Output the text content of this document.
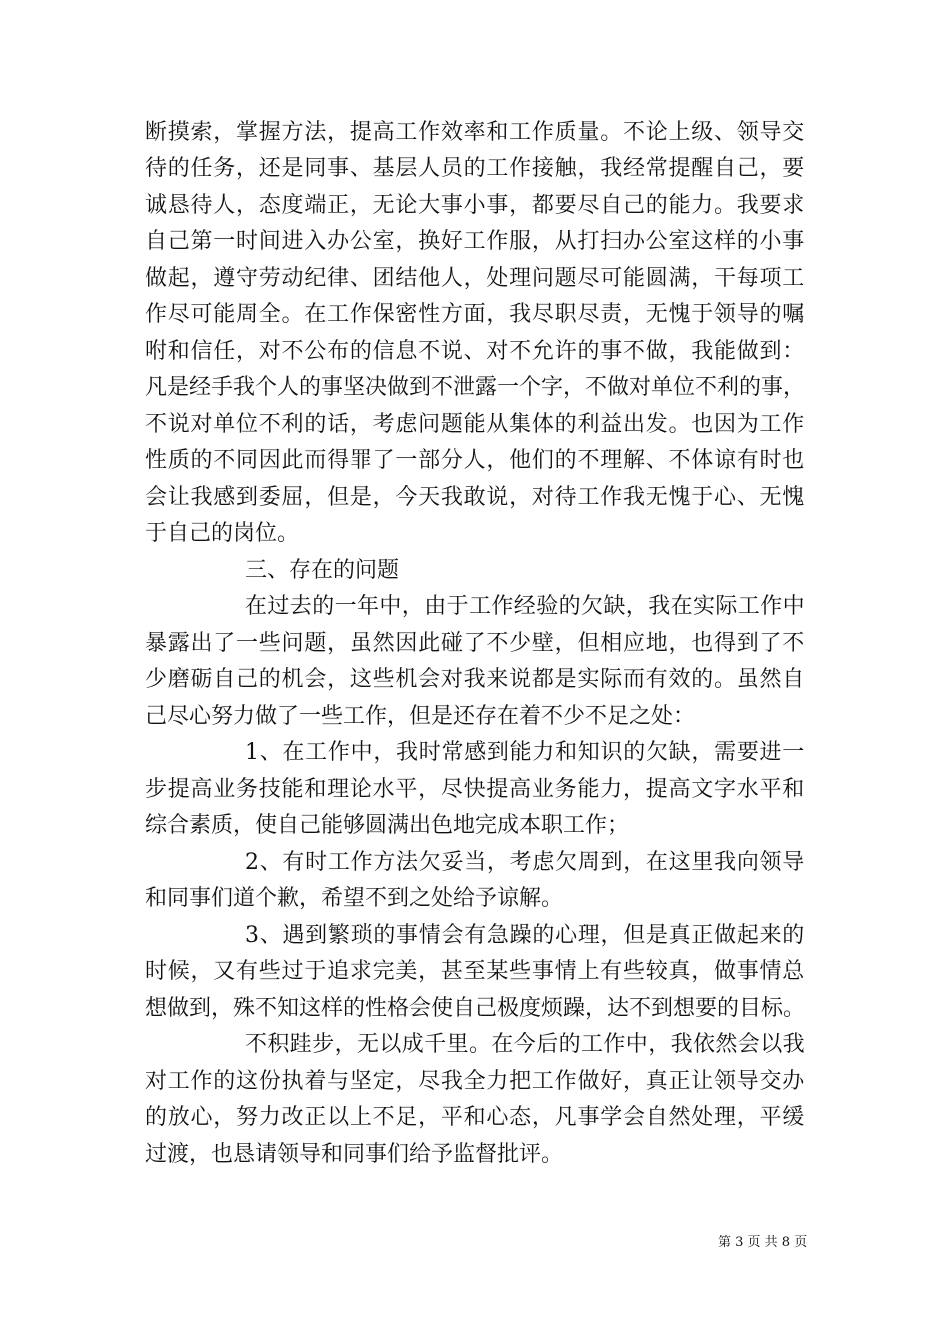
断摸索，掌握方法，提高工作效率和工作质量。不论上级、领导交
待的任务，还是同事、基层人员的工作接触，我经常提醒自己，要
诚恳待人，态度端正，无论大事小事，都要尽自己的能力。我要求
自己第一时间进入办公室，换好工作服，从打扫办公室这样的小事
做起，遵守劳动纪律、团结他人，处理问题尽可能圆满，干每项工
作尽可能周全。在工作保密性方面，我尽职尽责，无愧于领导的嘱
咐和信任，对不公布的信息不说、对不允许的事不做，我能做到：
凡是经手我个人的事坚决做到不泄露一个字，不做对单位不利的事，
不说对单位不利的话，考虑问题能从集体的利益出发。也因为工作
性质的不同因此而得罪了一部分人，他们的不理解、不体谅有时也
会让我感到委屈，但是，今天我敢说，对待工作我无愧于心、无愧
于自己的岗位。
三、存在的问题
在过去的一年中，由于工作经验的欠缺，我在实际工作中
暴露出了一些问题，虽然因此碰了不少壁，但相应地，也得到了不
少磨砺自己的机会，这些机会对我来说都是实际而有效的。虽然自
己尽心努力做了一些工作，但是还存在着不少不足之处：
1、在工作中，我时常感到能力和知识的欠缺，需要进一
步提高业务技能和理论水平，尽快提高业务能力，提高文字水平和
综合素质，使自己能够圆满出色地完成本职工作；
2、有时工作方法欠妥当，考虑欠周到，在这里我向领导
和同事们道个歉，希望不到之处给予谅解。
3、遇到繁琐的事情会有急躁的心理，但是真正做起来的
时候，又有些过于追求完美，甚至某些事情上有些较真，做事情总
想做到，殊不知这样的性格会使自己极度烦躁，达不到想要的目标。
不积跬步，无以成千里。在今后的工作中，我依然会以我
对工作的这份执着与坚定，尽我全力把工作做好，真正让领导交办
的放心，努力改正以上不足，平和心态，凡事学会自然处理，平缓
过渡，也恳请领导和同事们给予监督批评。
第 3 页 共 8 页
